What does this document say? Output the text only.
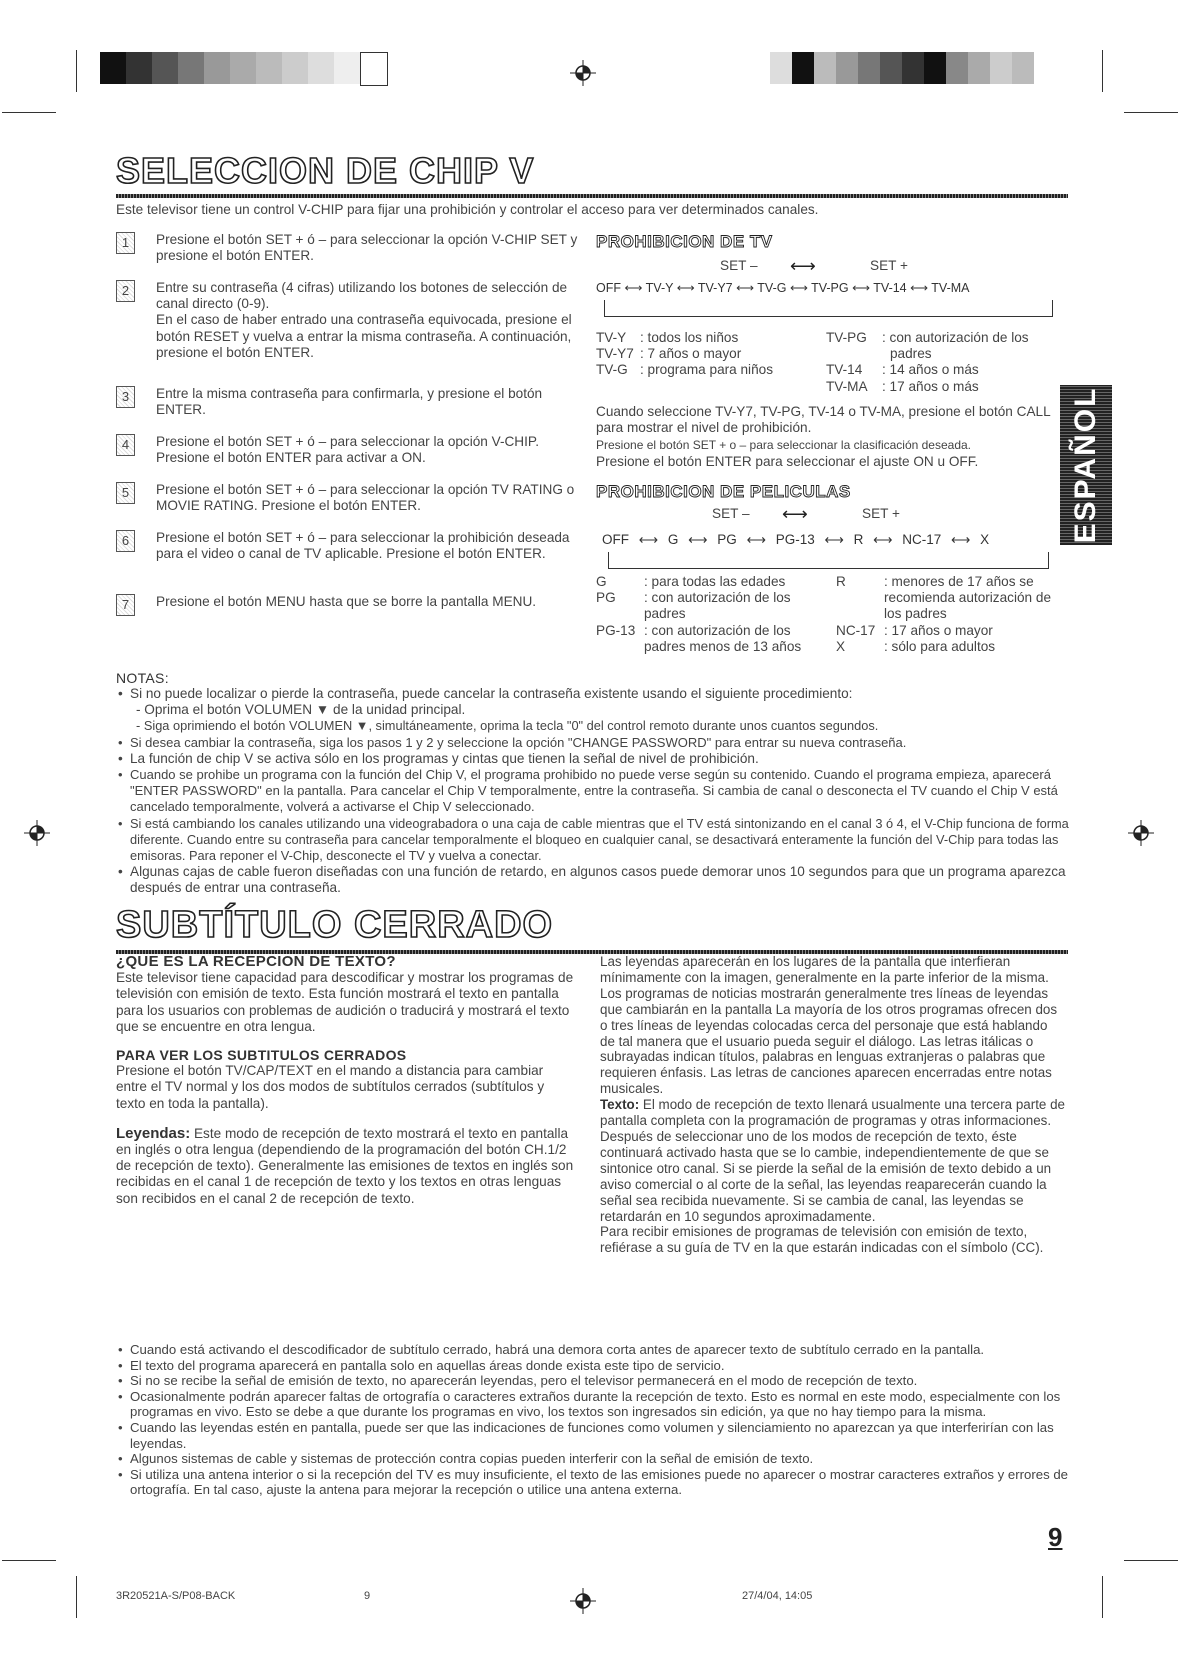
SELECCION DE CHIP V
Este televisor tiene un control V-CHIP para fijar una prohibición y controlar el acceso para ver determinados canales.
1	Presione el botón SET + ó – para seleccionar la opción V-CHIP SET y presione el botón ENTER.
2	Entre su contraseña (4 cifras) utilizando los botones de selección de canal directo (0-9).
En el caso de haber entrado una contraseña equivocada, presione el botón RESET y vuelva a entrar la misma contraseña. A continuación, presione el botón ENTER.
3	Entre la misma contraseña para confirmarla, y presione el botón ENTER.
4	Presione el botón SET + ó – para seleccionar la opción V-CHIP. Presione el botón ENTER para activar a ON.
5	Presione el botón SET + ó – para seleccionar la opción TV RATING o MOVIE RATING. Presione el botón ENTER.
6	Presione el botón SET + ó – para seleccionar la prohibición deseada para el video o canal de TV aplicable. Presione el botón ENTER.
7	Presione el botón MENU hasta que se borre la pantalla MENU.
PROHIBICION DE TV
SET – ⟷	SET +
OFF ⟷ TV-Y ⟷ TV-Y7 ⟷ TV-G ⟷ TV-PG ⟷ TV-14 ⟷ TV-MA
TV-Y : todos los niños
TV-Y7 : 7 años o mayor
TV-G : programa para niños
TV-PG : con autorización de los
padres
TV-14 : 14 años o más
TV-MA : 17 años o más
Cuando seleccione TV-Y7, TV-PG, TV-14 o TV-MA, presione el botón CALL para mostrar el nivel de prohibición.
Presione el botón SET + o – para seleccionar la clasificación deseada.
Presione el botón ENTER para seleccionar el ajuste ON u OFF.
PROHIBICION DE PELICULAS
SET – ⟷	SET +
OFF ⟷ G ⟷ PG ⟷ PG-13 ⟷ R ⟷ NC-17 ⟷ X
G	: para todas las edades
PG	: con autorización de los padres
PG-13 : con autorización de los padres menos de 13 años
R	: menores de 17 años se recomienda autorización de los padres
NC-17 : 17 años o mayor
X	: sólo para adultos
ESPAÑOL
NOTAS:
• Si no puede localizar o pierde la contraseña, puede cancelar la contraseña existente usando el siguiente procedimiento:
- Oprima el botón VOLUMEN ▼ de la unidad principal.
- Siga oprimiendo el botón VOLUMEN ▼, simultáneamente, oprima la tecla "0" del control remoto durante unos cuantos segundos.
• Si desea cambiar la contraseña, siga los pasos 1 y 2 y seleccione la opción "CHANGE PASSWORD" para entrar su nueva contraseña.
• La función de chip V se activa sólo en los programas y cintas que tienen la señal de nivel de prohibición.
• Cuando se prohibe un programa con la función del Chip V, el programa prohibido no puede verse según su contenido. Cuando el programa empieza, aparecerá "ENTER PASSWORD" en la pantalla. Para cancelar el Chip V temporalmente, entre la contraseña. Si cambia de canal o desconecta el TV cuando el Chip V está cancelado temporalmente, volverá a activarse el Chip V seleccionado.
• Si está cambiando los canales utilizando una videograbadora o una caja de cable mientras que el TV está sintonizando en el canal 3 ó 4, el V-Chip funciona de forma diferente. Cuando entre su contraseña para cancelar temporalmente el bloqueo en cualquier canal, se desactivará enteramente la función del V-Chip para todas las emisoras. Para reponer el V-Chip, desconecte el TV y vuelva a conectar.
• Algunas cajas de cable fueron diseñadas con una función de retardo, en algunos casos puede demorar unos 10 segundos para que un programa aparezca después de entrar una contraseña.
SUBTÍTULO CERRADO
¿QUE ES LA RECEPCION DE TEXTO?
Este televisor tiene capacidad para descodificar y mostrar los programas de televisión con emisión de texto. Esta función mostrará el texto en pantalla para los usuarios con problemas de audición o traducirá y mostrará el texto que se encuentre en otra lengua.
PARA VER LOS SUBTITULOS CERRADOS
Presione el botón TV/CAP/TEXT en el mando a distancia para cambiar entre el TV normal y los dos modos de subtítulos cerrados (subtítulos y texto en toda la pantalla).
Leyendas: Este modo de recepción de texto mostrará el texto en pantalla en inglés o otra lengua (dependiendo de la programación del botón CH.1/2 de recepción de texto). Generalmente las emisiones de textos en inglés son recibidas en el canal 1 de recepción de texto y los textos en otras lenguas son recibidos en el canal 2 de recepción de texto.
Las leyendas aparecerán en los lugares de la pantalla que interfieran mínimamente con la imagen, generalmente en la parte inferior de la misma. Los programas de noticias mostrarán generalmente tres líneas de leyendas que cambiarán en la pantalla La mayoría de los otros programas ofrecen dos o tres líneas de leyendas colocadas cerca del personaje que está hablando de tal manera que el usuario pueda seguir el diálogo. Las letras itálicas o subrayadas indican títulos, palabras en lenguas extranjeras o palabras que requieren énfasis. Las letras de canciones aparecen encerradas entre notas musicales.
Texto: El modo de recepción de texto llenará usualmente una tercera parte de pantalla completa con la programación de programas y otras informaciones. Después de seleccionar uno de los modos de recepción de texto, éste continuará activado hasta que se lo cambie, independientemente de que se sintonice otro canal. Si se pierde la señal de la emisión de texto debido a un aviso comercial o al corte de la señal, las leyendas reaparecerán cuando la señal sea recibida nuevamente. Si se cambia de canal, las leyendas se retardarán en 10 segundos aproximadamente.
Para recibir emisiones de programas de televisión con emisión de texto, refiérase a su guía de TV en la que estarán indicadas con el símbolo (CC).
• Cuando está activando el descodificador de subtítulo cerrado, habrá una demora corta antes de aparecer texto de subtítulo cerrado en la pantalla.
• El texto del programa aparecerá en pantalla solo en aquellas áreas donde exista este tipo de servicio.
• Si no se recibe la señal de emisión de texto, no aparecerán leyendas, pero el televisor permanecerá en el modo de recepción de texto.
• Ocasionalmente podrán aparecer faltas de ortografía o caracteres extraños durante la recepción de texto. Esto es normal en este modo, especialmente con los programas en vivo. Esto se debe a que durante los programas en vivo, los textos son ingresados sin edición, ya que no hay tiempo para la misma.
• Cuando las leyendas estén en pantalla, puede ser que las indicaciones de funciones como volumen y silenciamiento no aparezcan ya que interferirían con las leyendas.
• Algunos sistemas de cable y sistemas de protección contra copias pueden interferir con la señal de emisión de texto.
• Si utiliza una antena interior o si la recepción del TV es muy insuficiente, el texto de las emisiones puede no aparecer o mostrar caracteres extraños y errores de ortografía. En tal caso, ajuste la antena para mejorar la recepción o utilice una antena externa.
9
3R20521A-S/P08-BACK	9	27/4/04, 14:05
